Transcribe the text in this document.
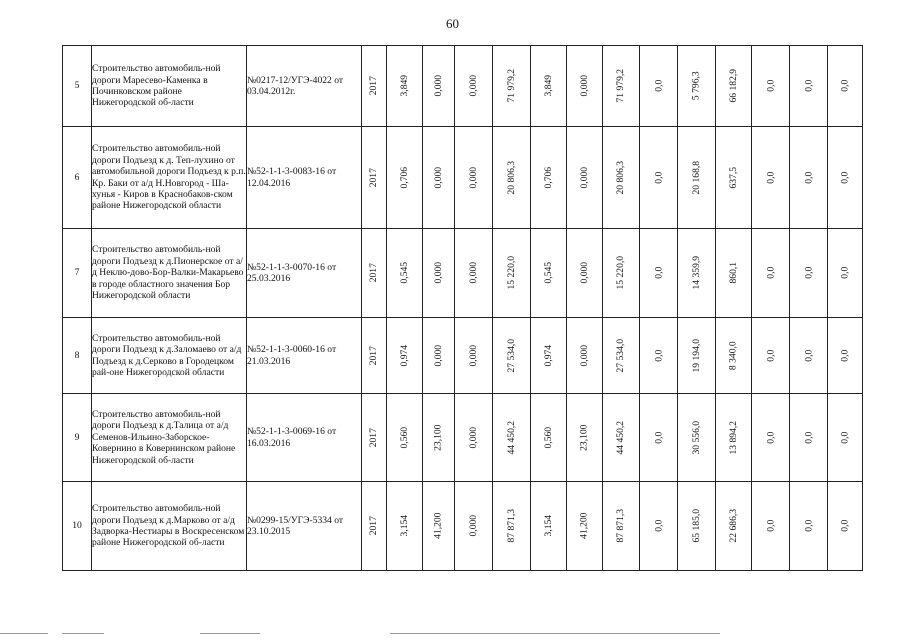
60
5	Строительство автомобиль-ной дороги Маресево-Каменка в Починковском районе Нижегородской об-ласти	№0217-12/УГЭ-4022 от 03.04.2012г.	2017	3,849	0,000	0,000	71 979,2	3,849	0,000	71 979,2	0,0	5 796,3	66 182,9	0,0	0,0	0,0
6	Строительство автомобиль-ной дороги Подъезд к д. Теп-лухино от автомобильной дороги Подъезд к р.п. Кр. Баки от а/д Н.Новгород - Ша-хунья - Киров в Краснобаков-ском районе Нижегородской области	№52-1-1-3-0083-16 от 12.04.2016	2017	0,706	0,000	0,000	20 806,3	0,706	0,000	20 806,3	0,0	20 168,8	637,5	0,0	0,0	0,0
7	Строительство автомобиль-ной дороги Подъезд к д.Пионерское от а/д Неклю-дово-Бор-Валки-Макарьево в городе областного значения Бор Нижегородской области	№52-1-1-3-0070-16 от 25.03.2016	2017	0,545	0,000	0,000	15 220,0	0,545	0,000	15 220,0	0,0	14 359,9	860,1	0,0	0,0	0,0
8	Строительство автомобиль-ной дороги Подъезд к д.Заломаево от а/д Подъезд к д.Серково в Городецком рай-оне Нижегородской области	№52-1-1-3-0060-16 от 21.03.2016	2017	0,974	0,000	0,000	27 534,0	0,974	0,000	27 534,0	0,0	19 194,0	8 340,0	0,0	0,0	0,0
9	Строительство автомобиль-ной дороги Подъезд к д.Талица от а/д Семенов-Ильино-Заборское-Ковернино в Ковернинском районе Нижегородской об-ласти	№52-1-1-3-0069-16 от 16.03.2016	2017	0,560	23,100	0,000	44 450,2	0,560	23,100	44 450,2	0,0	30 556,0	13 894,2	0,0	0,0	0,0
10	Строительство автомобиль-ной дороги Подъезд к д.Марково от а/д Задворка-Нестиары в Воскресенском районе Нижегородской об-ласти	№0299-15/УГЭ-5334 от 23.10.2015	2017	3,154	41,200	0,000	87 871,3	3,154	41,200	87 871,3	0,0	65 185,0	22 686,3	0,0	0,0	0,0
